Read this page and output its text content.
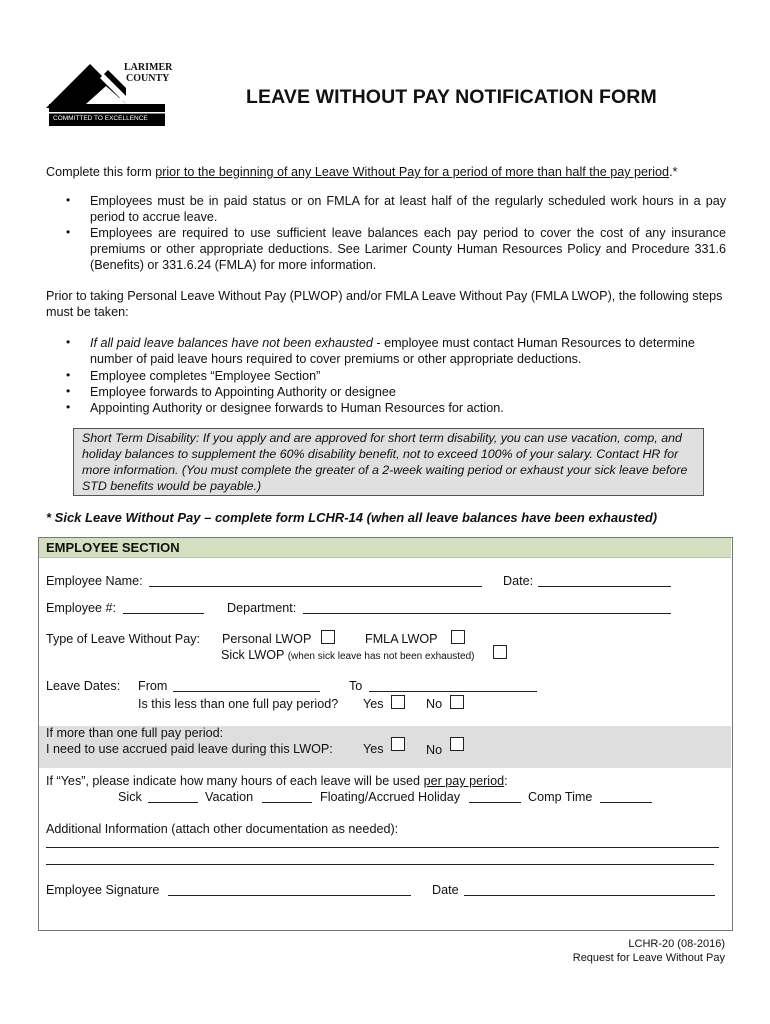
LARIMER
COUNTY
COMMITTED TO EXCELLENCE
LEAVE WITHOUT PAY NOTIFICATION FORM
Complete this form prior to the beginning of any Leave Without Pay for a period of more than half the pay period.*
• Employees must be in paid status or on FMLA for at least half of the regularly scheduled work hours in a pay period to accrue leave.
• Employees are required to use sufficient leave balances each pay period to cover the cost of any insurance premiums or other appropriate deductions. See Larimer County Human Resources Policy and Procedure 331.6 (Benefits) or 331.6.24 (FMLA) for more information.
Prior to taking Personal Leave Without Pay (PLWOP) and/or FMLA Leave Without Pay (FMLA LWOP), the following steps must be taken:
• If all paid leave balances have not been exhausted - employee must contact Human Resources to determine number of paid leave hours required to cover premiums or other appropriate deductions.
• Employee completes “Employee Section”
• Employee forwards to Appointing Authority or designee
• Appointing Authority or designee forwards to Human Resources for action.
Short Term Disability: If you apply and are approved for short term disability, you can use vacation, comp, and holiday balances to supplement the 60% disability benefit, not to exceed 100% of your salary. Contact HR for more information. (You must complete the greater of a 2-week waiting period or exhaust your sick leave before STD benefits would be payable.)
* Sick Leave Without Pay – complete form LCHR-14 (when all leave balances have been exhausted)
EMPLOYEE SECTION
Employee Name:	Date:
Employee #:	Department:
Type of Leave Without Pay: Personal LWOP	FMLA LWOP
Sick LWOP (when sick leave has not been exhausted)
Leave Dates: From	To
Is this less than one full pay period? Yes	No
If more than one full pay period:
I need to use accrued paid leave during this LWOP: Yes	No
If “Yes”, please indicate how many hours of each leave will be used per pay period:
Sick	Vacation	Floating/Accrued Holiday	Comp Time
Additional Information (attach other documentation as needed):
Employee Signature	Date
LCHR-20 (08-2016)
Request for Leave Without Pay
